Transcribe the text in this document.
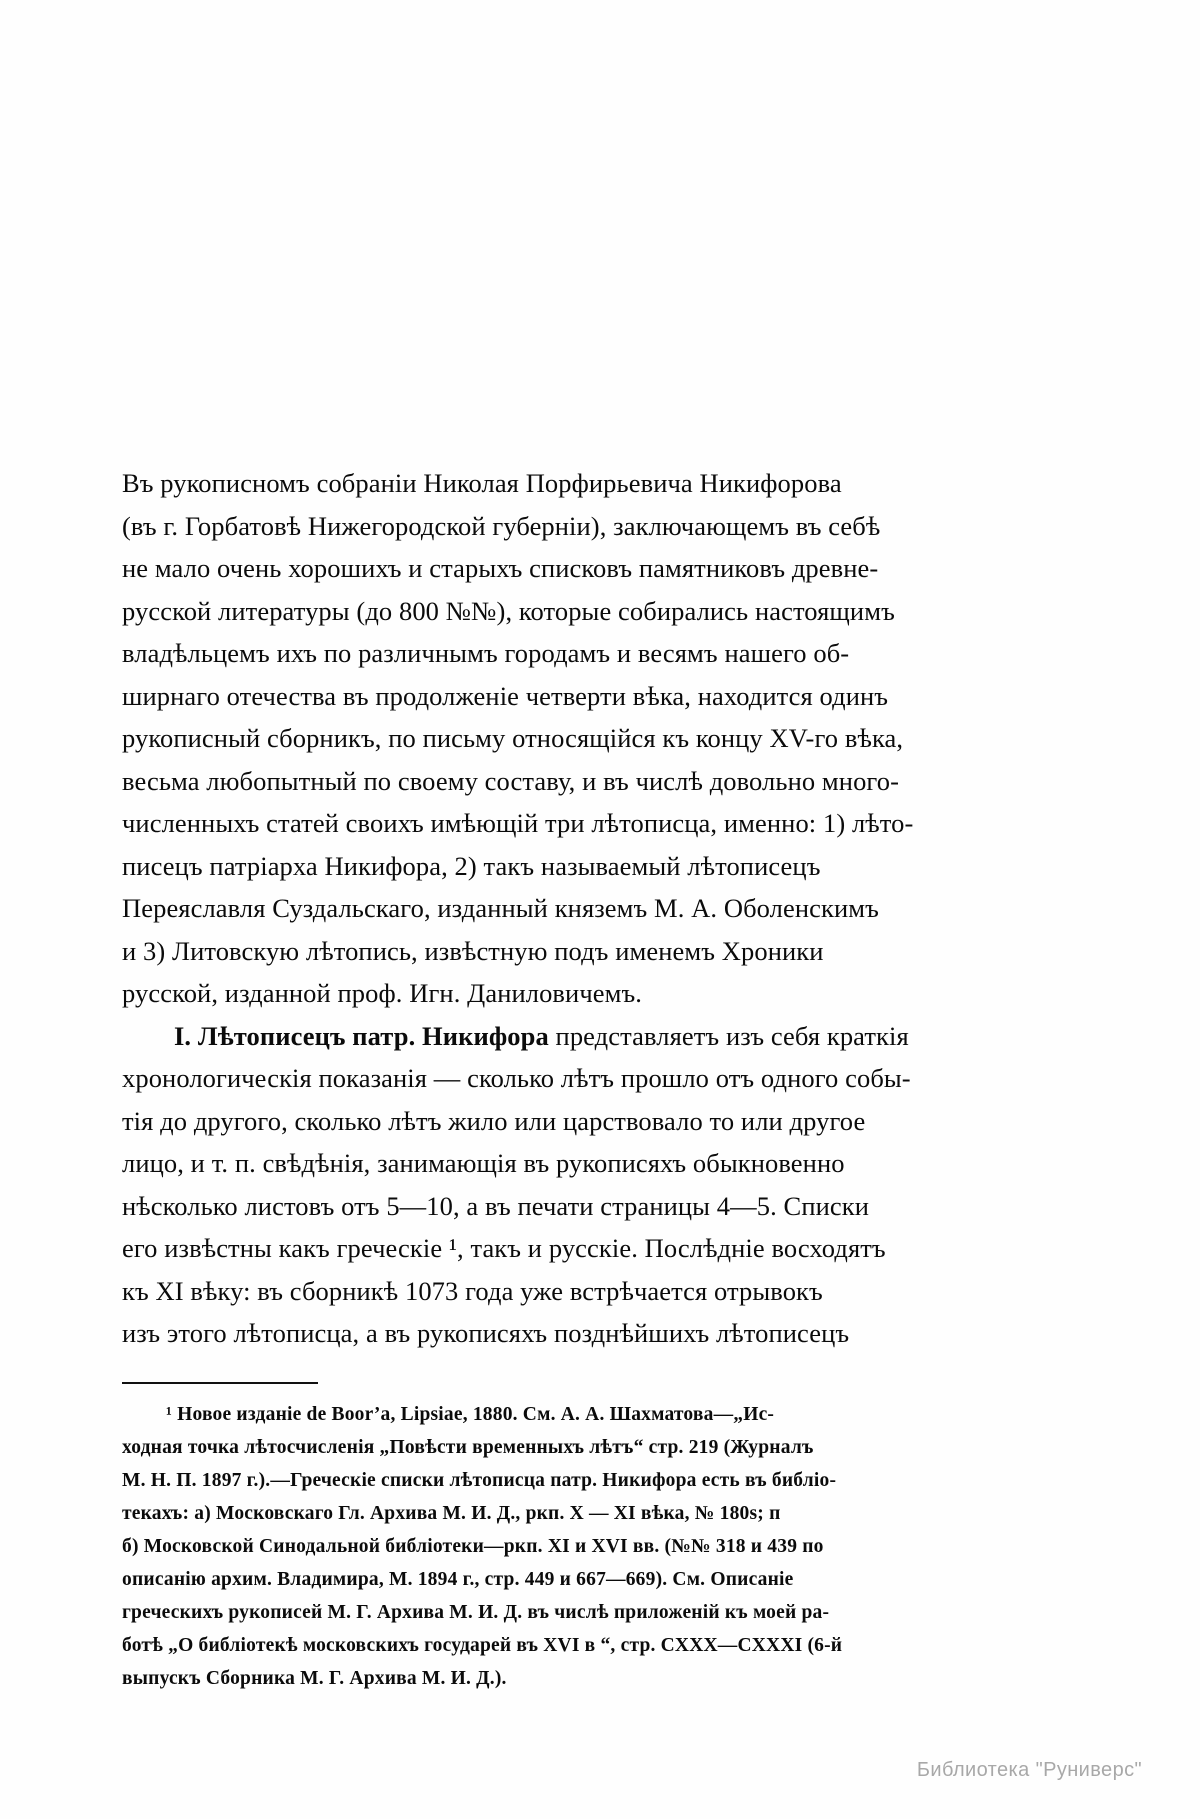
Въ рукописномъ собраніи Николая Порфирьевича Никифорова
(въ г. Горбатовѣ Нижегородской губерніи), заключающемъ въ себѣ
не мало очень хорошихъ и старыхъ списковъ памятниковъ древне-
русской литературы (до 800 №№), которые собирались настоящимъ
владѣльцемъ ихъ по различнымъ городамъ и весямъ нашего об-
ширнаго отечества въ продолженіе четверти вѣка, находится одинъ
рукописный сборникъ, по письму относящійся къ концу XV-го вѣка,
весьма любопытный по своему составу, и въ числѣ довольно много-
численныхъ статей своихъ имѣющій три лѣтописца, именно: 1) лѣто-
писецъ патріарха Никифора, 2) такъ называемый лѣтописецъ
Переяславля Суздальскаго, изданный княземъ М. А. Оболенскимъ
и 3) Литовскую лѣтопись, извѣстную подъ именемъ Хроники
русской, изданной проф. Игн. Даниловичемъ.

I. Лѣтописецъ патр. Никифора представляетъ изъ себя краткія
хронологическія показанія — сколько лѣтъ прошло отъ одного собы-
тія до другого, сколько лѣтъ жило или царствовало то или другое
лицо, и т. п. свѣдѣнія, занимающія въ рукописяхъ обыкновенно
нѣсколько листовъ отъ 5—10, а въ печати страницы 4—5. Списки
его извѣстны какъ греческіе ¹, такъ и русскіе. Послѣдніе восходятъ
къ XI вѣку: въ сборникѣ 1073 года уже встрѣчается отрывокъ
изъ этого лѣтописца, а въ рукописяхъ позднѣйшихъ лѣтописецъ

¹ Новое изданіе de Boor’a, Lipsiae, 1880. См. А. А. Шахматова—„Ис-
ходная точка лѣтосчисленія „Повѣсти временныхъ лѣтъ“ стр. 219 (Журналъ
М. Н. П. 1897 г.).—Греческіе списки лѣтописца патр. Никифора есть въ библіо-
текахъ: а) Московскаго Гл. Архива М. И. Д., ркп. X — XI вѣка, № 180s; п
б) Московской Синодальной библіотеки—ркп. XI и XVI вв. (№№ 318 и 439 по
описанію архим. Владимира, М. 1894 г., стр. 449 и 667—669). См. Описаніе
греческихъ рукописей М. Г. Архива М. И. Д. въ числѣ приложеній къ моей ра-
ботѣ „О библіотекѣ московскихъ государей въ XVI в “, стр. CXXX—CXXXI (6-й
выпускъ Сборника М. Г. Архива М. И. Д.).
Библиотека "Руниверс"
